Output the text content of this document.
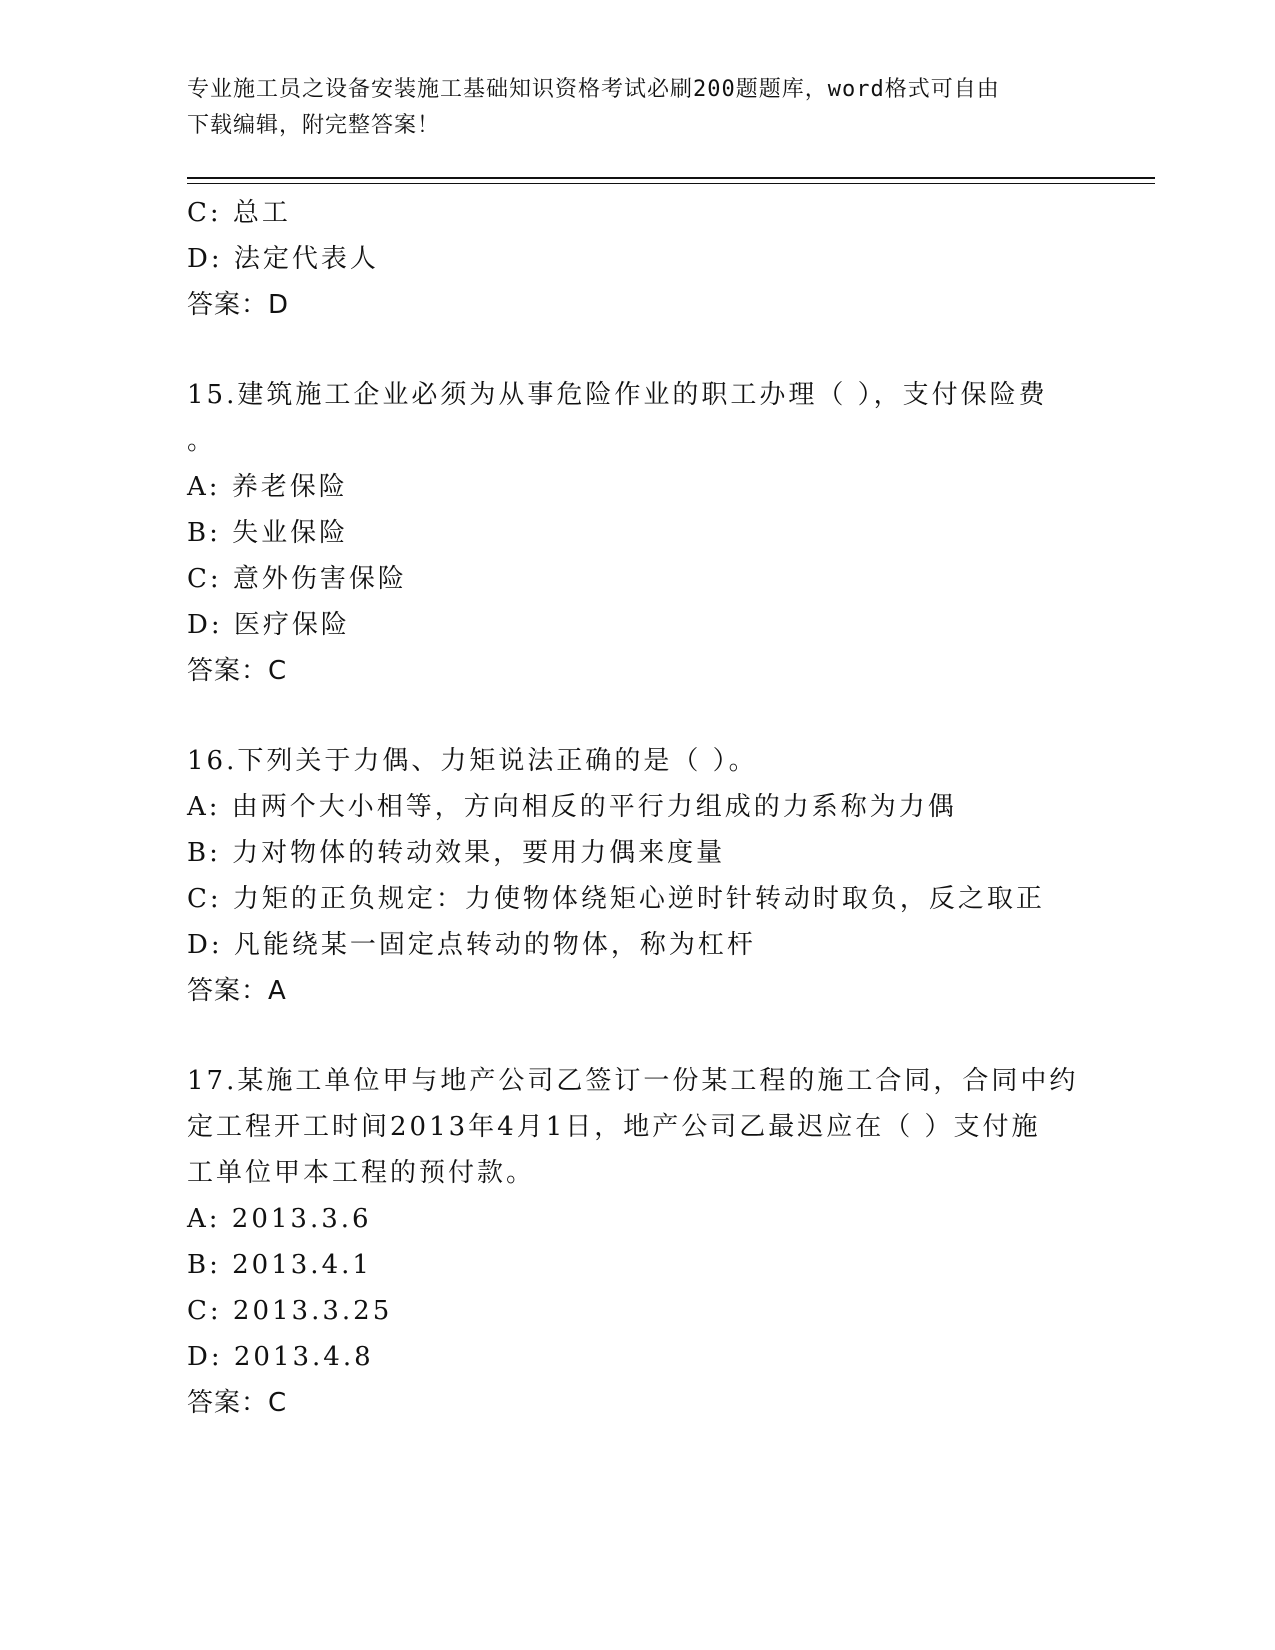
专业施工员之设备安装施工基础知识资格考试必刷200题题库，word格式可自由
下载编辑，附完整答案！
C: 总工
D: 法定代表人
答案：D
15.建筑施工企业必须为从事危险作业的职工办理（ ），支付保险费
。
A: 养老保险
B: 失业保险
C: 意外伤害保险
D: 医疗保险
答案：C
16.下列关于力偶、力矩说法正确的是（ ）。
A: 由两个大小相等，方向相反的平行力组成的力系称为力偶
B: 力对物体的转动效果，要用力偶来度量
C: 力矩的正负规定：力使物体绕矩心逆时针转动时取负，反之取正
D: 凡能绕某一固定点转动的物体，称为杠杆
答案：A
17.某施工单位甲与地产公司乙签订一份某工程的施工合同，合同中约
定工程开工时间2013年4月1日，地产公司乙最迟应在（ ）支付施
工单位甲本工程的预付款。
A: 2013.3.6
B: 2013.4.1
C: 2013.3.25
D: 2013.4.8
答案：C
